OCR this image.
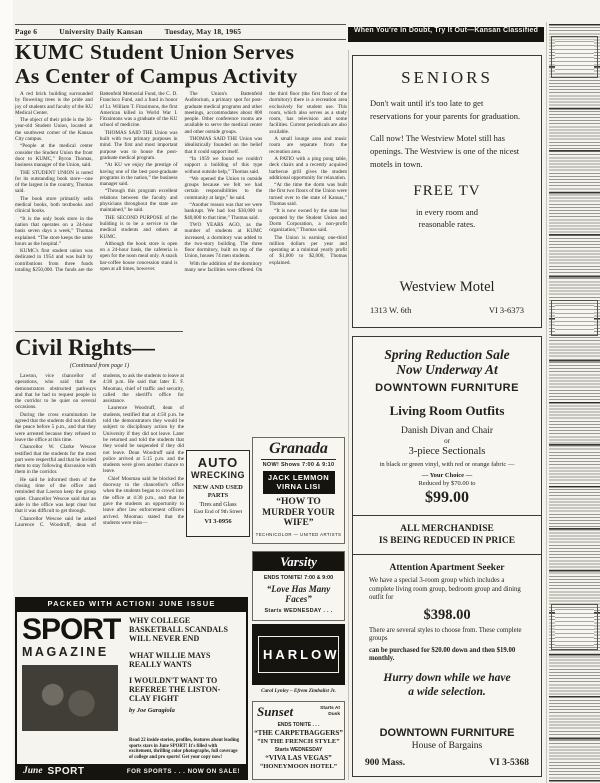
Page 6	University Daily Kansan	Tuesday, May 18, 1965	When You're In Doubt, Try It Out—Kansan Classified
KUMC Student Union Serves
As Center of Campus Activity

A red brick building surrounded by flowering trees is the pride and joy of students and faculty of the KU Medical Center.

The object of their pride is the 36-year-old Student Union, located at the southwest corner of the Kansas City campus.

“People at the medical center consider the Student Union the front door to KUMC,” Byron Thomas, business manager of the Union, said.

THE STUDENT UNION is noted for its outstanding book store—one of the largest in the country, Thomas said.

The book store primarily sells medical books, both textbooks and clinical books.

“It is the only book store in the nation that operates on a 24-hour basis seven days a week,” Thomas explained. “The store keeps the same hours as the hospital.”

KUMC's first student union was dedicated in 1954 and was built by contributions from three funds totaling $250,000. The funds are the Battenfeld Memorial Fund, the C. D. Francisco Fund, and a fund in honor of Lt. William T. Fitzsimons, the first American killed in World War I. Fitzsimons was a graduate of the KU school of medicine.

THOMAS SAID THE Union was built with two primary purposes in mind. The first and most important purpose was to house the post-graduate medical program.

“At KU we enjoy the prestige of having one of the best post-graduate programs in the nation,” the business manager said.

“Through this program excellent relations between the faculty and physicians throughout the state are maintained,” he said.

THE SECOND PURPOSE of the building is to be a service to the medical students and others at KUMC.

Although the book store is open on a 24-hour basis, the cafeteria is open for the noon meal only. A snack bar-coffee house concession stand is open at all times, however.

The Union's Battenfeld Auditorium, a primary spot for post-graduate medical programs and other meetings, accommodates about 800 people. Other conference rooms are available to serve the medical center and other outside groups.

THOMAS SAID THE Union was idealistically founded on the belief that it could support itself.

“In 1959 we found we couldn't support a building of this type without outside help,” Thomas said.

“We opened the Union to outside groups because we felt we had certain responsibilities to the community at large,” he said.

“Another reason was that we were bankrupt. We had lost $30,000 to $40,000 to that time,” Thomas said.

TWO YEARS AGO, as the number of students at KUMC increased, a dormitory was added to the two-story building. The three floor dormitory, built on top of the Union, houses 74 men students.

With the addition of the dormitory many new facilities were offered. On the third floor (the first floor of the dormitory) there is a recreation area exclusively for student use. This room, which also serves as a study room, has television and some facilities. Current periodicals are also available.

A small lounge area and music room are separate from the recreation area.

A PATIO with a ping pong table, deck chairs and a recently acquired barbecue grill gives the student additional opportunity for relaxation.

“At the time the dorm was built the first two floors of the Union were turned over to the state of Kansas,” Thomas said.

“It is now owned by the state but operated by the Student Union and Dorm Corporation, a non-profit organization,” Thomas said.

The Union is earning one-third million dollars per year and operating at a minimal yearly profit of $1,000 to $2,000, Thomas explained.

Civil Rights—
(Continued from page 1)

Lawton, vice chancellor of operations, who said that the demonstrators obstructed pathways and that he had to request people in the corridor to be quiet on several occasions.

During the cross examination he agreed that the students did not disturb the peace before 5 p.m., and that they were arrested because they refused to leave the office at this time.

Chancellor W. Clarke Wescoe testified that the students for the most part were respectful and that he invited them to stay following discussion with them in the corridor.

He said he informed them of the closing time of the office and reminded that Lawton keep the group quiet. Chancellor Wescoe said that an aide in the office was kept clear but that it was difficult to get through.

Chancellor Wescoe said he asked Laurence C. Woodruff, dean of students, to ask the students to leave at 4:30 p.m. He said that later E. F. Moomau, chief of traffic and security, called the sheriff's office for assistance.

Laurence Woodruff, dean of students, testified that at 4:50 p.m. he told the demonstrators they would be subject to disciplinary action by the University if they did not leave. Later he returned and told the students that they would be suspended if they did not leave. Dean Woodruff said the police arrived at 5:15 p.m. and the students were given another chance to leave.

Chief Moomau said he blocked the doorway to the chancellor's office when the students began to crowd into the office at 4:30 p.m., and that he gave the students an opportunity to leave after law enforcement officers arrived. Moomau stated that the students were miss—

AUTO
WRECKING
NEW AND USED PARTS
Tires and Glass
East End of 9th Street
VI 3-0956
Granada
NOW! Shows 7:00 & 9:10
JACK LEMMON
VIRNA LISI
“HOW TO MURDER YOUR WIFE”
TECHNICOLOR — UNITED ARTISTS
Varsity
ENDS TONITE! 7:00 & 9:00
“Love Has Many Faces”
Starts WEDNESDAY . . .
HARLOW
Carol Lynley – Efrem Zimbalist Jr.
Sunset	Starts At Dusk
ENDS TONITE . . .
“THE CARPETBAGGERS”
“IN THE FRENCH STYLE”
Starts WEDNESDAY
“VIVA LAS VEGAS”
“HONEYMOON HOTEL”
PACKED WITH ACTION! JUNE ISSUE
SPORT
MAGAZINE

WHY COLLEGE BASKETBALL SCANDALS WILL NEVER END

WHAT WILLIE MAYS REALLY WANTS

I WOULDN'T WANT TO REFEREE THE LISTON-CLAY FIGHT

by Joe Garagiola

Read 22 inside stories, profiles, features about leading sports stars in June SPORT! It's filled with excitement, thrilling color photographs, full coverage of college and pro sports! Get your copy now!

June SPORT	FOR SPORTS . . . NOW ON SALE!
SENIORS

Don't wait until it's too late to get reservations for your parents for graduation.

Call now! The Westview Motel still has openings. The Westview is one of the nicest motels in town.

FREE TV

in every room and reasonable rates.

Westview Motel
1313 W. 6th	VI 3-6373
Spring Reduction Sale
Now Underway At
DOWNTOWN FURNITURE
Living Room Outfits
Danish Divan and Chair
or
3-piece Sectionals
in black or green vinyl, with red or orange fabric —
— Your Choice —
Reduced by $70.00 to
$99.00
ALL MERCHANDISE
IS BEING REDUCED IN PRICE
Attention Apartment Seeker

We have a special 3-room group which includes a complete living room group, bedroom group and dining outfit for

$398.00

There are several styles to choose from. These complete groups

can be purchased for $20.00 down and then $19.00 monthly.

Hurry down while we have a wide selection.
DOWNTOWN FURNITURE
House of Bargains
900 Mass.	VI 3-5368
